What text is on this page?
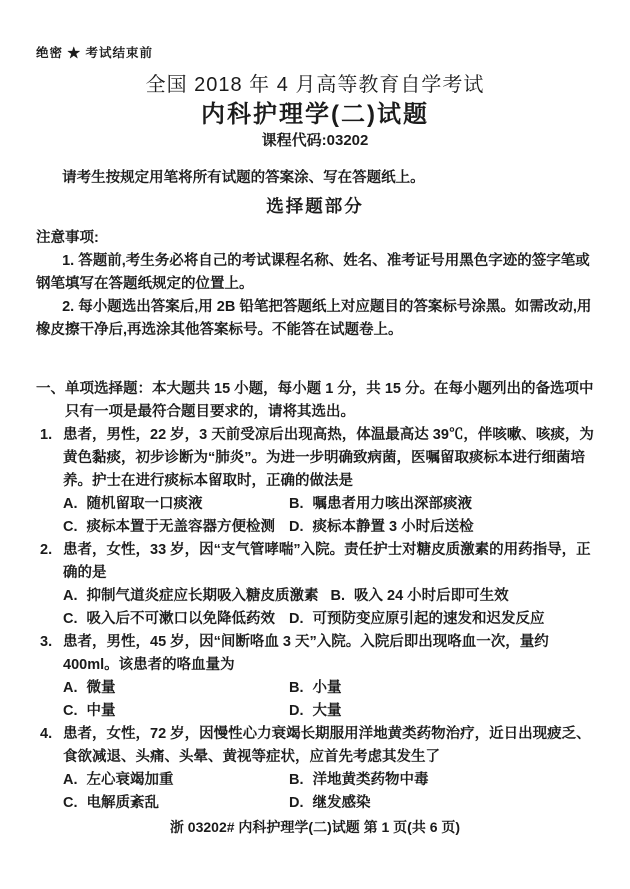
绝密 ★ 考试结束前
全国 2018 年 4 月高等教育自学考试
内科护理学(二)试题
课程代码:03202

请考生按规定用笔将所有试题的答案涂、写在答题纸上。

选择题部分
注意事项:

1. 答题前,考生务必将自己的考试课程名称、姓名、准考证号用黑色字迹的签字笔或钢笔填写在答题纸规定的位置上。

2. 每小题选出答案后,用 2B 铅笔把答题纸上对应题目的答案标号涂黑。如需改动,用橡皮擦干净后,再选涂其他答案标号。不能答在试题卷上。

一、 单项选择题：本大题共 15 小题，每小题 1 分，共 15 分。在每小题列出的备选项中只有一项是最符合题目要求的，请将其选出。
1. 患者，男性，22 岁，3 天前受凉后出现高热，体温最高达 39℃，伴咳嗽、咳痰，为黄色黏痰，初步诊断为“肺炎”。为进一步明确致病菌，医嘱留取痰标本进行细菌培养。护士在进行痰标本留取时，正确的做法是
A. 随机留取一口痰液	B. 嘱患者用力咳出深部痰液
C. 痰标本置于无盖容器方便检测 D. 痰标本静置 3 小时后送检
2. 患者，女性，33 岁，因“支气管哮喘”入院。责任护士对糖皮质激素的用药指导，正确的是
A. 抑制气道炎症应长期吸入糖皮质激素 B. 吸入 24 小时后即可生效
C. 吸入后不可漱口以免降低药效 D. 可预防变应原引起的速发和迟发反应
3. 患者，男性，45 岁，因“间断咯血 3 天”入院。入院后即出现咯血一次，量约 400ml。该患者的咯血量为
A. 微量	B. 小量
C. 中量	D. 大量
4. 患者，女性，72 岁，因慢性心力衰竭长期服用洋地黄类药物治疗，近日出现疲乏、食欲减退、头痛、头晕、黄视等症状，应首先考虑其发生了
A. 左心衰竭加重	B. 洋地黄类药物中毒
C. 电解质紊乱	D. 继发感染
浙 03202# 内科护理学(二)试题 第 1 页(共 6 页)
